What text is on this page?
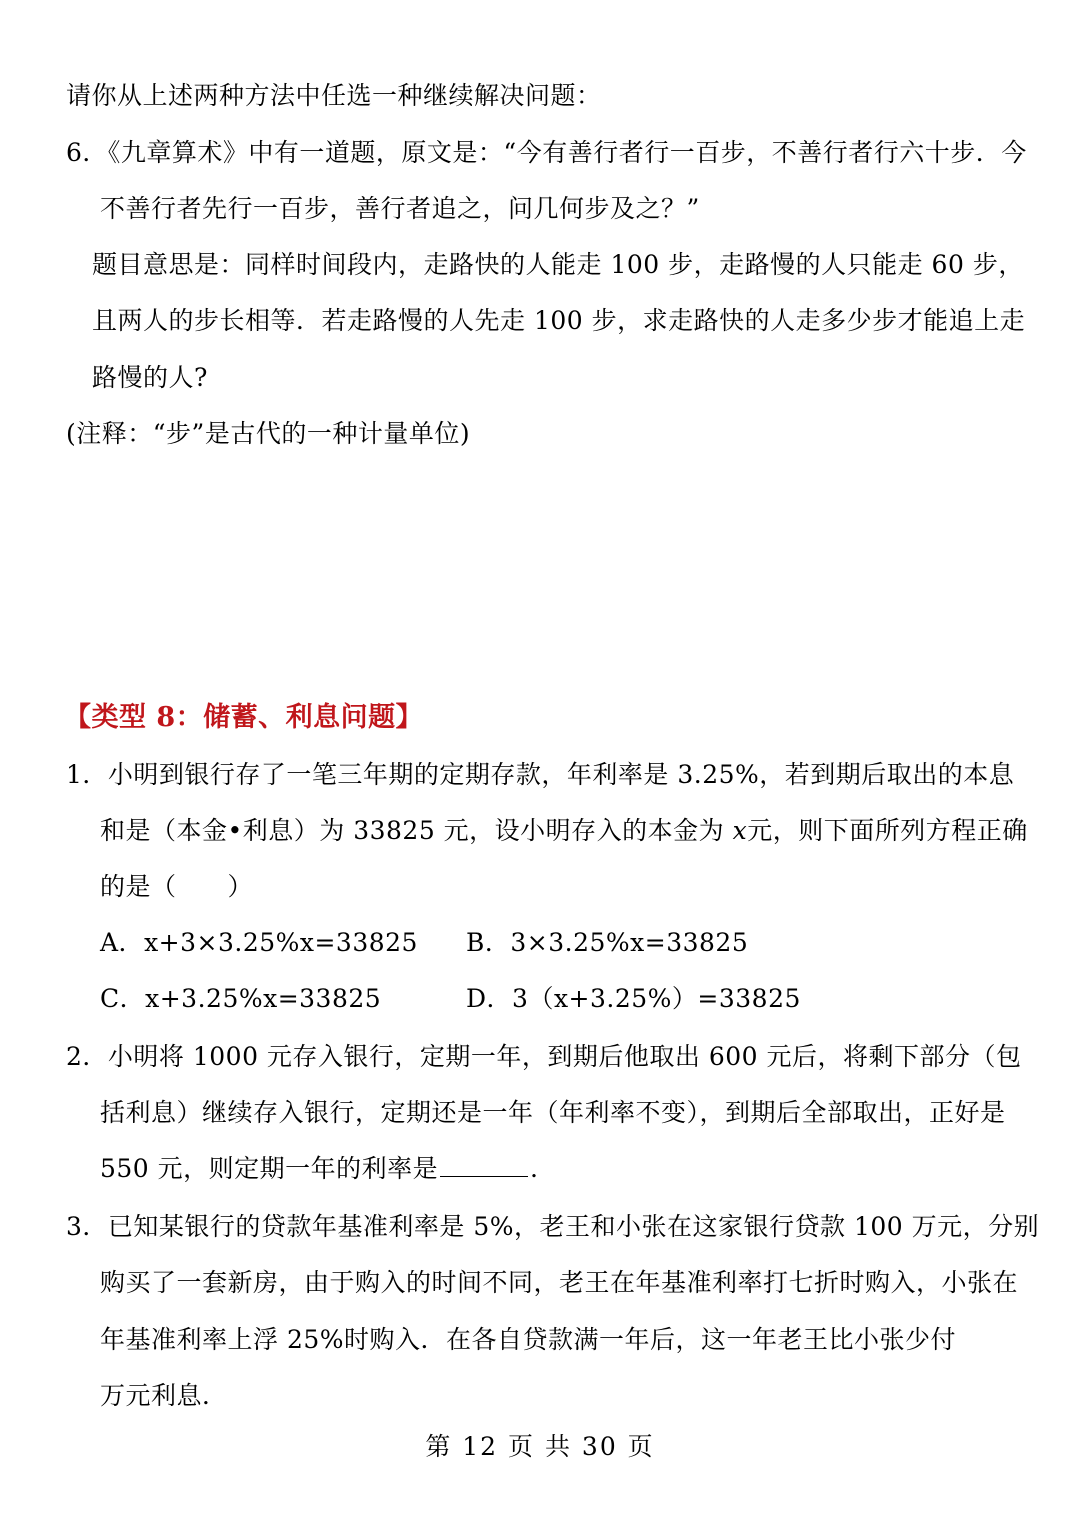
请你从上述两种方法中任选一种继续解决问题：
6．《九章算术》中有一道题，原文是：“今有善行者行一百步，不善行者行六十步．今
不善行者先行一百步，善行者追之，问几何步及之？”
题目意思是：同样时间段内，走路快的人能走 100 步，走路慢的人只能走 60 步，
且两人的步长相等．若走路慢的人先走 100 步，求走路快的人走多少步才能追上走
路慢的人?
(注释：“步”是古代的一种计量单位)
【类型 8：储蓄、利息问题】
1．小明到银行存了一笔三年期的定期存款，年利率是 3.25%，若到期后取出的本息
和是（本金•利息）为 33825 元，设小明存入的本金为 x元，则下面所列方程正确
的是（　　）
A．x+3×3.25%x=33825 B．3×3.25%x=33825
C．x+3.25%x=33825	D．3（x+3.25%）=33825
2．小明将 1000 元存入银行，定期一年，到期后他取出 600 元后，将剩下部分（包
括利息）继续存入银行，定期还是一年（年利率不变），到期后全部取出，正好是
550 元，则定期一年的利率是	．
3．已知某银行的贷款年基准利率是 5%，老王和小张在这家银行贷款 100 万元，分别
购买了一套新房，由于购入的时间不同，老王在年基准利率打七折时购入，小张在
年基准利率上浮 25%时购入．在各自贷款满一年后，这一年老王比小张少付
万元利息．
第 12 页 共 30 页
